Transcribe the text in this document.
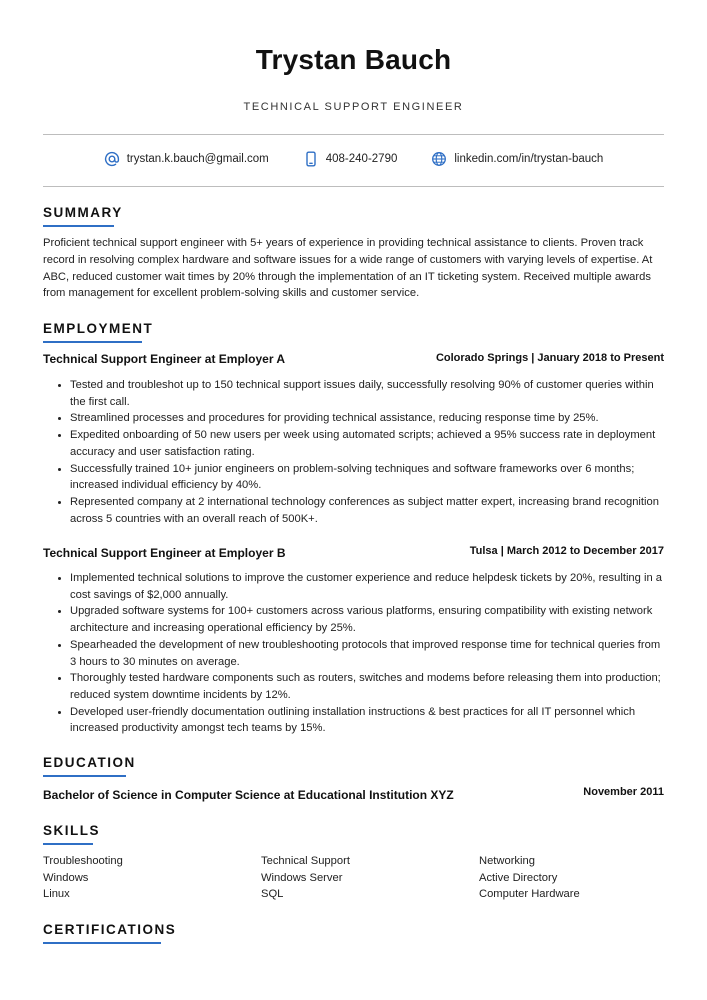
Trystan Bauch
TECHNICAL SUPPORT ENGINEER
trystan.k.bauch@gmail.com	408-240-2790	linkedin.com/in/trystan-bauch
SUMMARY
Proficient technical support engineer with 5+ years of experience in providing technical assistance to clients. Proven track record in resolving complex hardware and software issues for a wide range of customers with varying levels of expertise. At ABC, reduced customer wait times by 20% through the implementation of an IT ticketing system. Received multiple awards from management for excellent problem-solving skills and customer service.
EMPLOYMENT
Technical Support Engineer at Employer A	Colorado Springs | January 2018 to Present
• Tested and troubleshot up to 150 technical support issues daily, successfully resolving 90% of customer queries within the first call.
• Streamlined processes and procedures for providing technical assistance, reducing response time by 25%.
• Expedited onboarding of 50 new users per week using automated scripts; achieved a 95% success rate in deployment accuracy and user satisfaction rating.
• Successfully trained 10+ junior engineers on problem-solving techniques and software frameworks over 6 months; increased individual efficiency by 40%.
• Represented company at 2 international technology conferences as subject matter expert, increasing brand recognition across 5 countries with an overall reach of 500K+.
Technical Support Engineer at Employer B	Tulsa | March 2012 to December 2017
• Implemented technical solutions to improve the customer experience and reduce helpdesk tickets by 20%, resulting in a cost savings of $2,000 annually.
• Upgraded software systems for 100+ customers across various platforms, ensuring compatibility with existing network architecture and increasing operational efficiency by 25%.
• Spearheaded the development of new troubleshooting protocols that improved response time for technical queries from 3 hours to 30 minutes on average.
• Thoroughly tested hardware components such as routers, switches and modems before releasing them into production; reduced system downtime incidents by 12%.
• Developed user-friendly documentation outlining installation instructions & best practices for all IT personnel which increased productivity amongst tech teams by 15%.
EDUCATION
Bachelor of Science in Computer Science at Educational Institution XYZ	November 2011
SKILLS
Troubleshooting	Technical Support	Networking
Windows	Windows Server	Active Directory
Linux	SQL	Computer Hardware
CERTIFICATIONS
